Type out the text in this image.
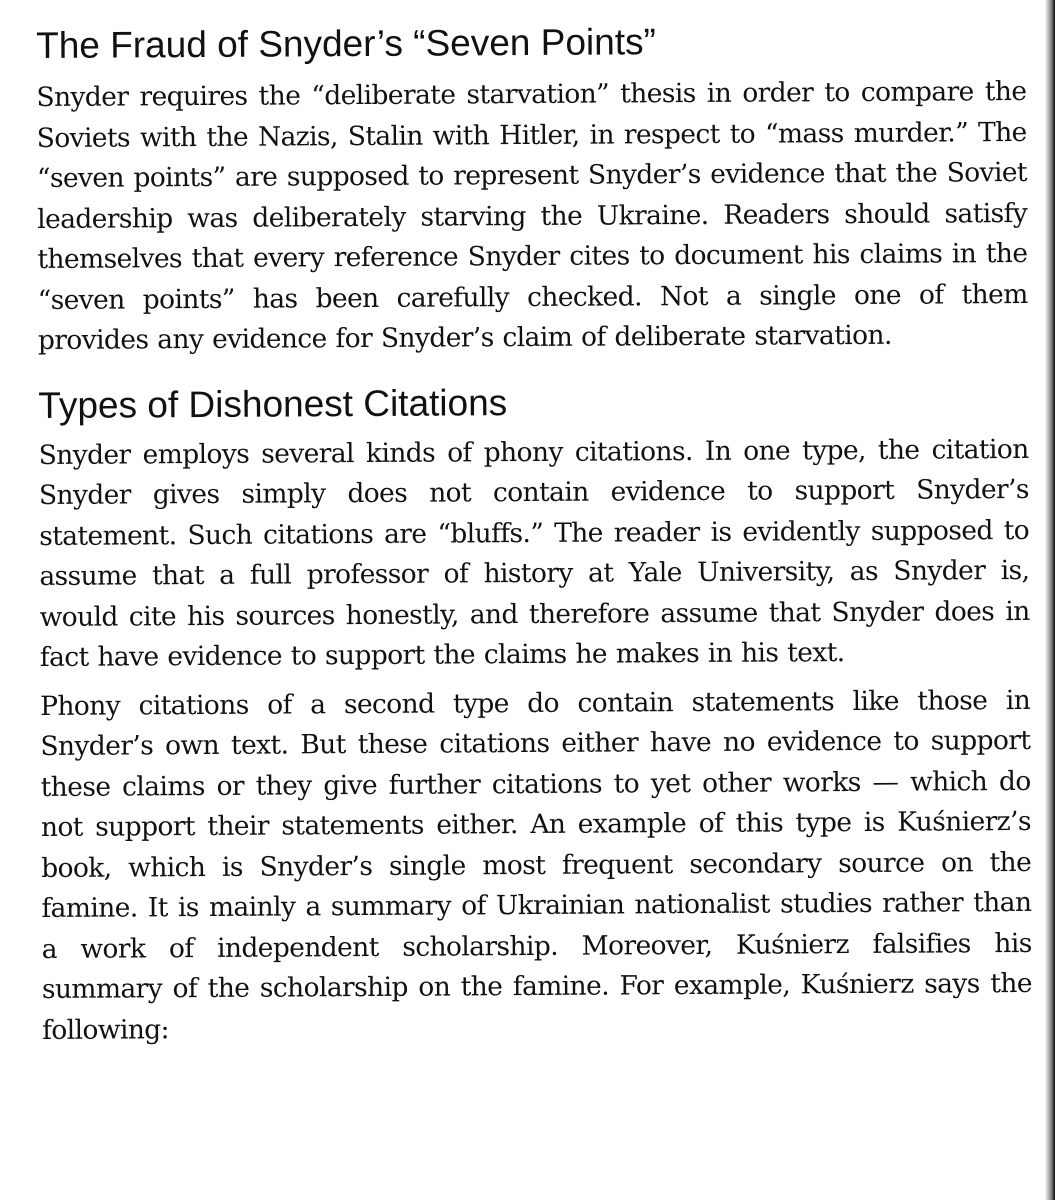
The Fraud of Snyder’s “Seven Points”

Snyder requires the “deliberate starvation” thesis in order to compare the Soviets with the Nazis, Stalin with Hitler, in respect to “mass murder.” The “seven points” are supposed to represent Snyder’s evidence that the Soviet leadership was deliberately starving the Ukraine. Readers should satisfy themselves that every reference Snyder cites to document his claims in the “seven points” has been carefully checked. Not a single one of them provides any evidence for Snyder’s claim of deliberate starvation.

Types of Dishonest Citations

Snyder employs several kinds of phony citations. In one type, the citation Snyder gives simply does not contain evidence to support Snyder’s statement. Such citations are “bluffs.” The reader is evidently supposed to assume that a full professor of history at Yale University, as Snyder is, would cite his sources honestly, and therefore assume that Snyder does in fact have evidence to support the claims he makes in his text.

Phony citations of a second type do contain statements like those in Snyder’s own text. But these citations either have no evidence to support these claims or they give further citations to yet other works — which do not support their statements either. An example of this type is Kuśnierz’s book, which is Snyder’s single most frequent secondary source on the famine. It is mainly a summary of Ukrainian nationalist studies rather than a work of independent scholarship. Moreover, Kuśnierz falsifies his summary of the scholarship on the famine. For example, Kuśnierz says the following:
